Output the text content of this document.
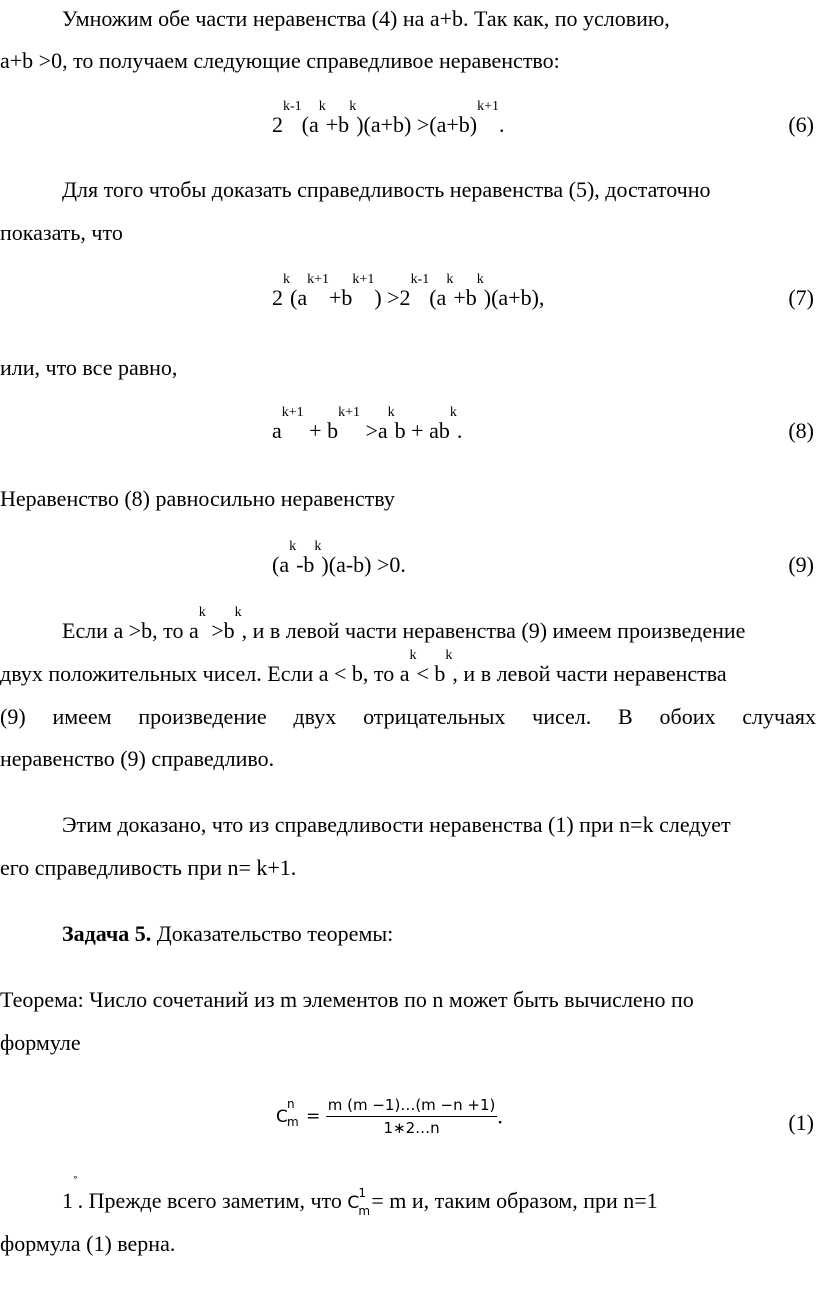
Умножим обе части неравенства (4) на a+b. Так как, по условию,
a+b >0, то получаем следующие справедливое неравенство:
$2^{k-1}(a^k+b^k)(a+b) >(a+b)^{k+1}$.	(6)
Для того чтобы доказать справедливость неравенства (5), достаточно
показать, что
$2^k(a^{k+1}+b^{k+1}) >2^{k-1}(a^k+b^k)(a+b)$,	(7)
или, что все равно,
$a^{k+1} + b^{k+1} >a^kb + ab^k$.	(8)
Неравенство (8) равносильно неравенству
$(a^k-b^k)(a-b) >0$.	(9)
Если a >b, то $a^k >b^k$, и в левой части неравенства (9) имеем произведение
двух положительных чисел. Если a < b, то $a^k< b^k$, и в левой части неравенства
(9) имеем произведение двух отрицательных чисел. В обоих случаях
неравенство (9) справедливо.
Этим доказано, что из справедливости неравенства (1) при n=k следует
его справедливость при n= k+1.
Задача 5. Доказательство теоремы:
Теорема: Число сочетаний из m элементов по n может быть вычислено по
формуле
C
n
$m = \frac{m (m -1)\dots(m -n +1)}{1∗2\dots n}$ .	(1)
1˚. Прежде всего заметим, что C 1
m = m и, таким образом, при n=1
формула (1) верна.
